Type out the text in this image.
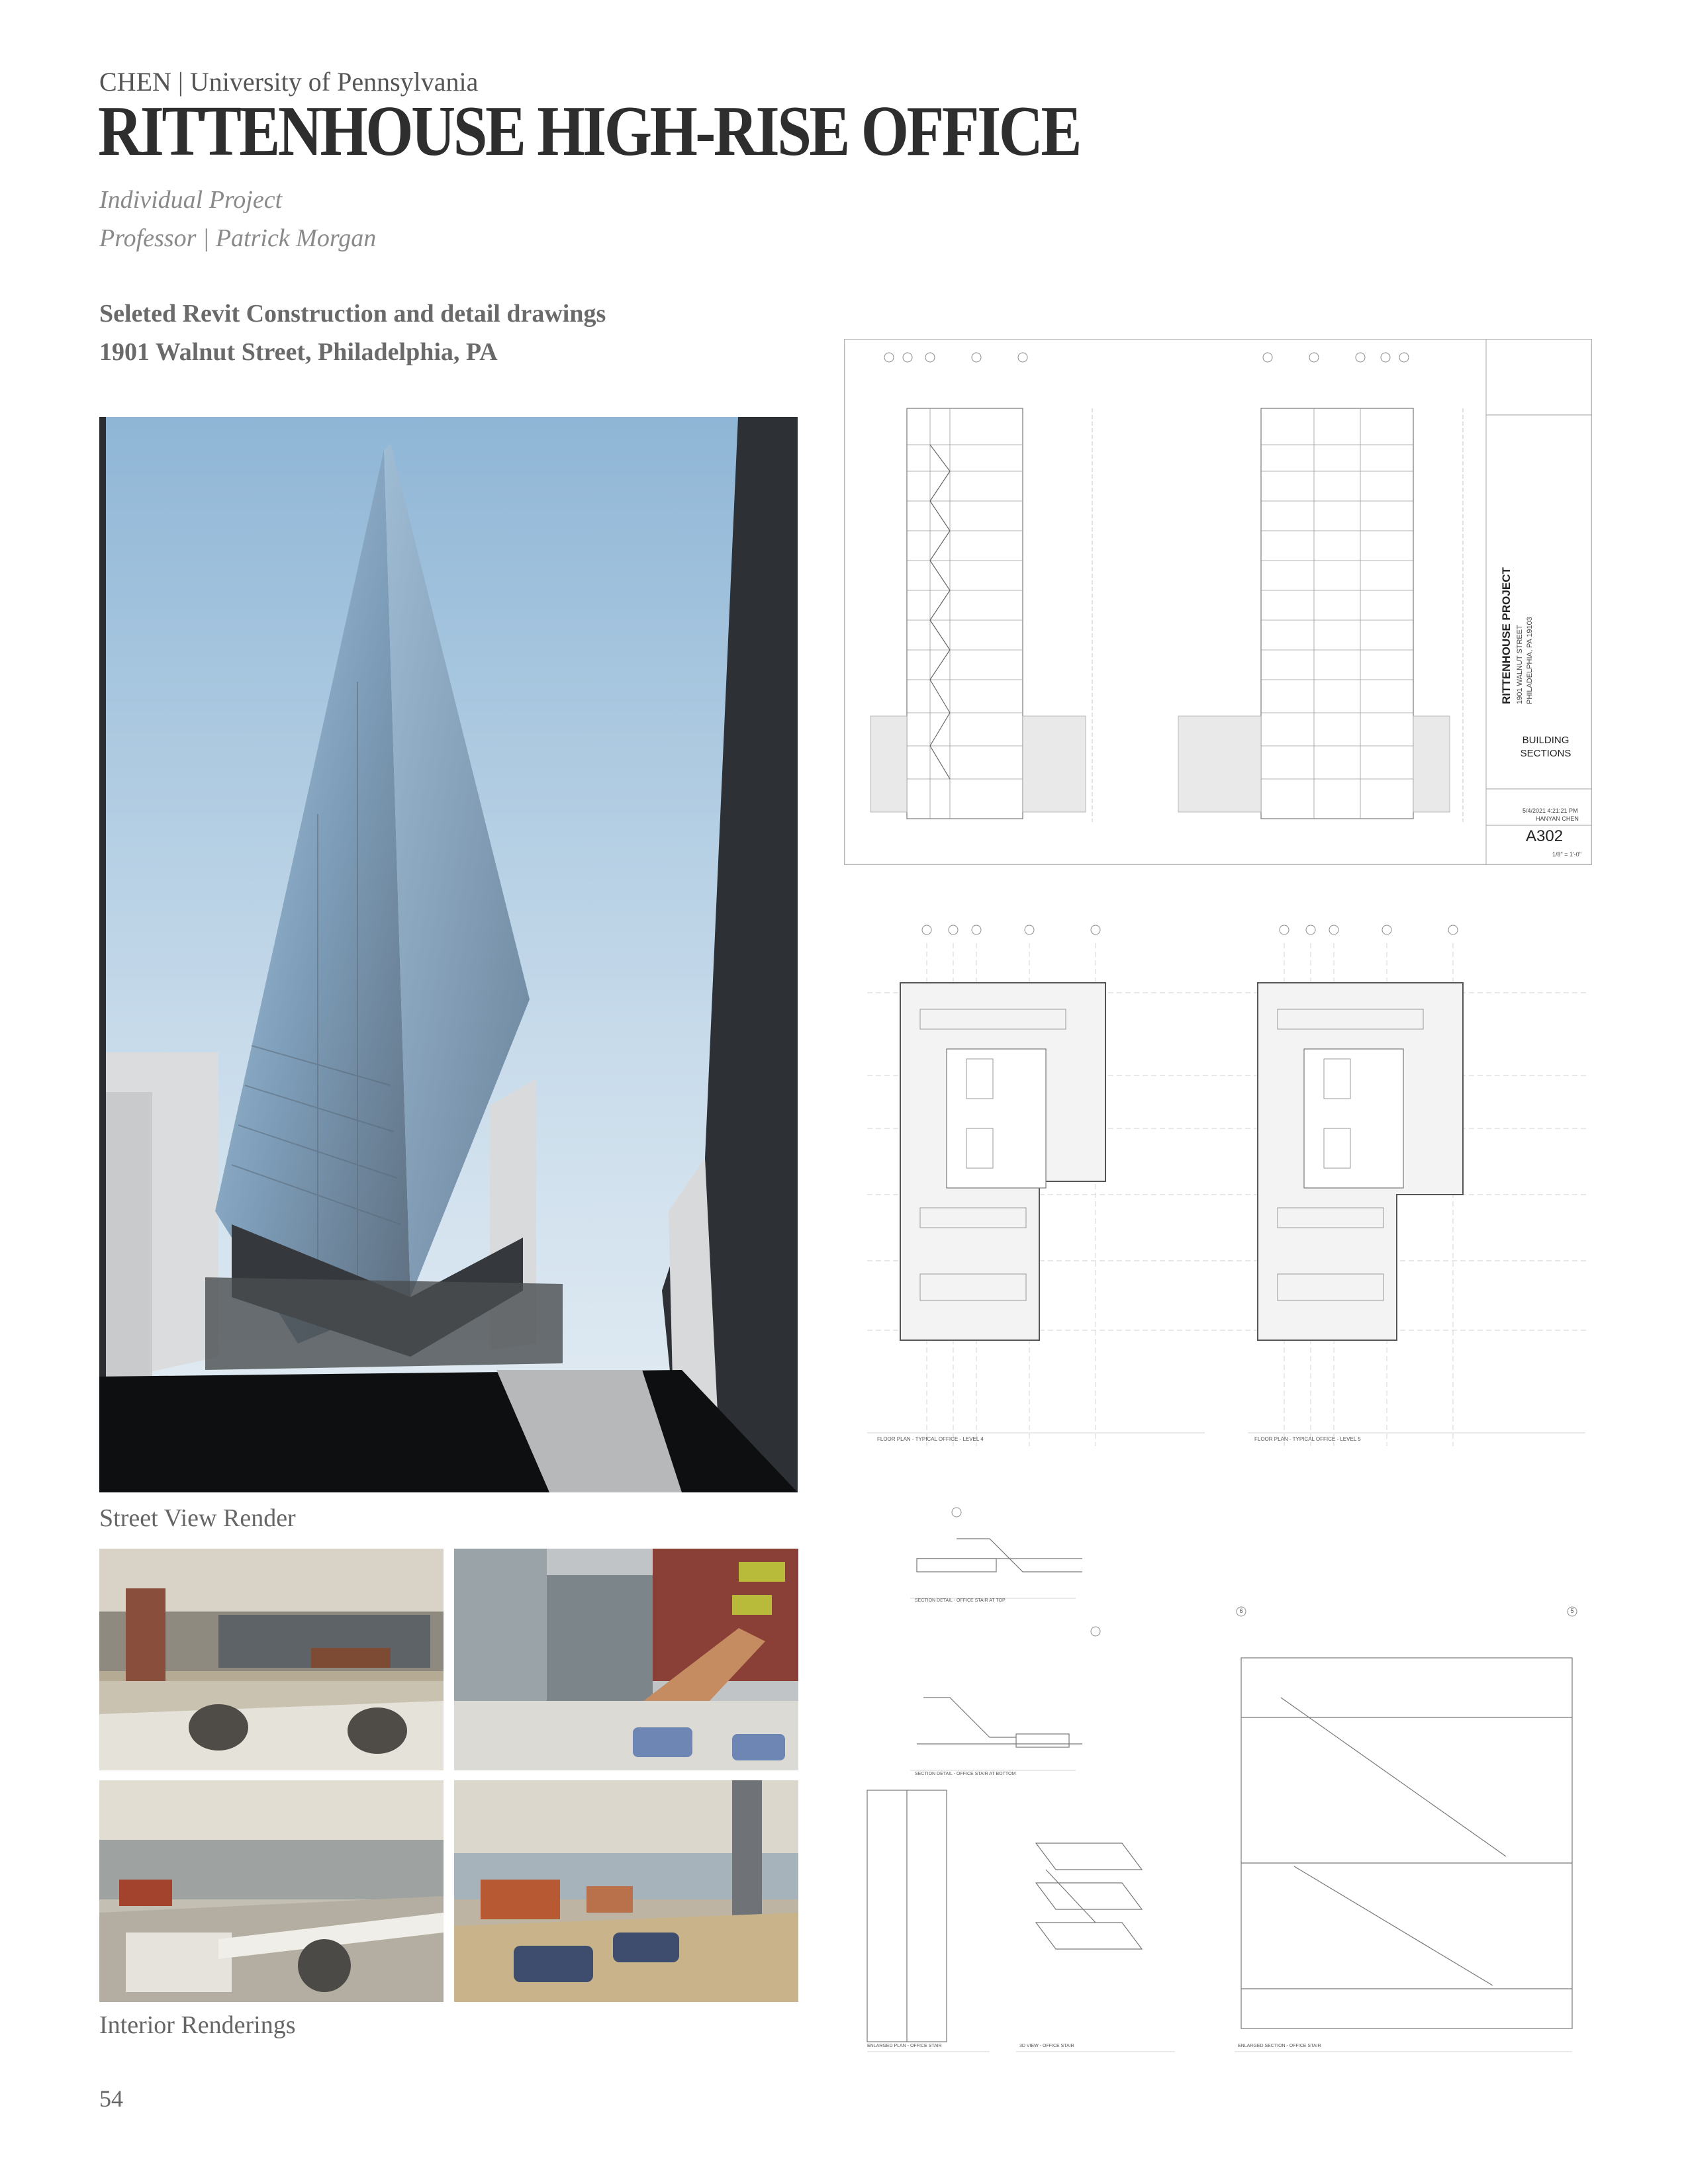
CHEN | University of Pennsylvania
RITTENHOUSE HIGH-RISE OFFICE
Individual Project
Professor | Patrick Morgan
Seleted Revit Construction and detail drawings
1901 Walnut Street, Philadelphia, PA
Street View Render
Interior Renderings
RITTENHOUSE PROJECT 1901 WALNUT STREET PHILADELPHIA, PA 19103
BUILDING
SECTIONS
5/4/2021 4:21:21 PM
HANYAN CHEN
A302
1/8" = 1'-0"
FLOOR PLAN - TYPICAL OFFICE - LEVEL 4	FLOOR PLAN - TYPICAL OFFICE - LEVEL 5
SECTION DETAIL - OFFICE STAIR AT TOP
SECTION DETAIL - OFFICE STAIR AT BOTTOM
ENLARGED PLAN - OFFICE STAIR	3D VIEW - OFFICE STAIR	ENLARGED SECTION - OFFICE STAIR
6	5
54
